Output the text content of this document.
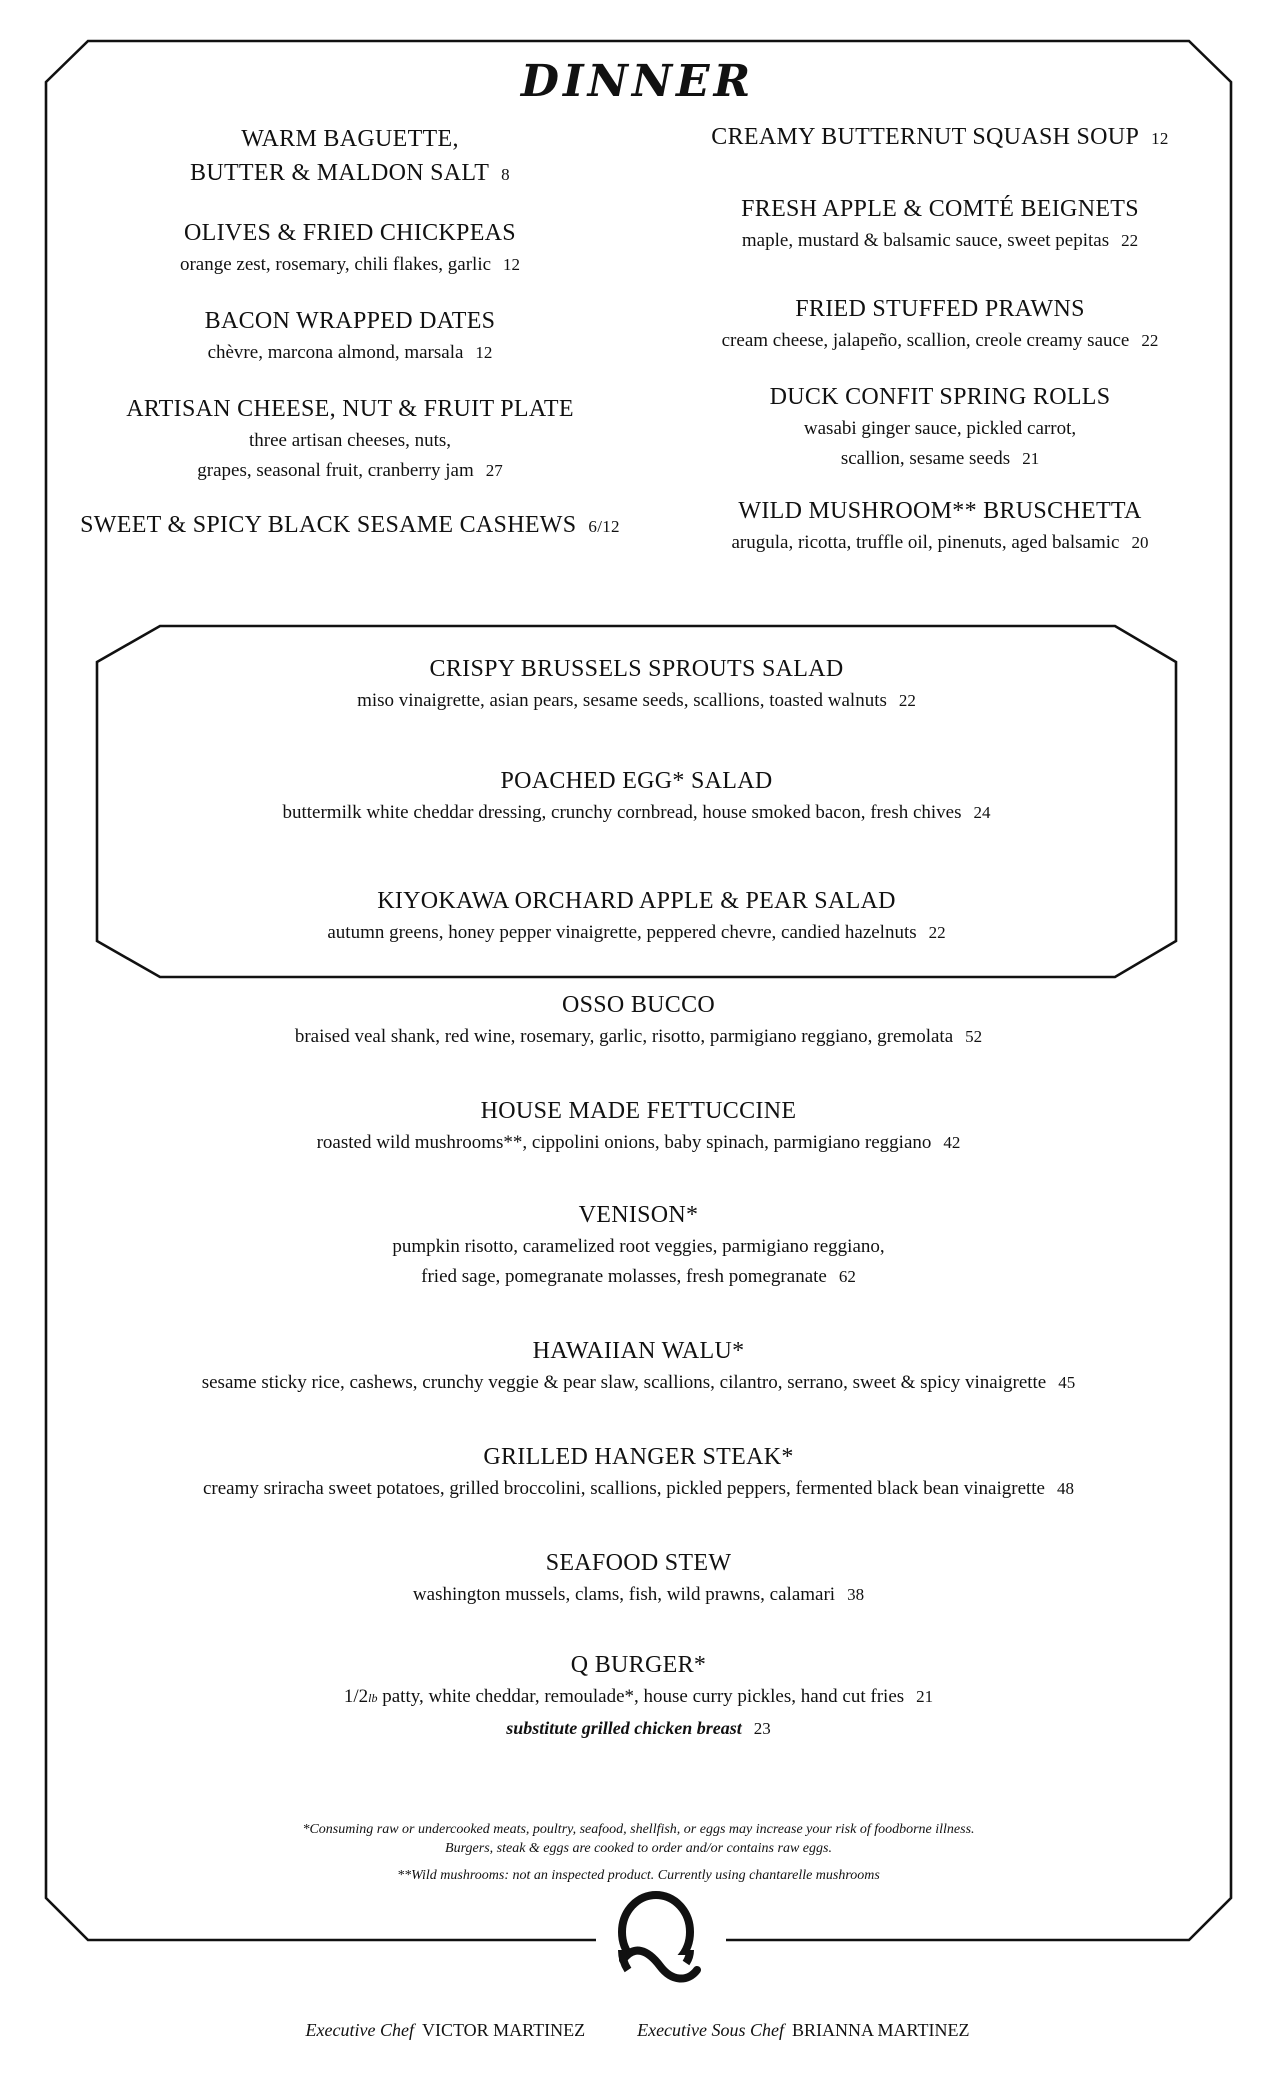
DINNER
WARM BAGUETTE,
BUTTER & MALDON SALT 8
OLIVES & FRIED CHICKPEAS
orange zest, rosemary, chili flakes, garlic 12
BACON WRAPPED DATES
chèvre, marcona almond, marsala 12
ARTISAN CHEESE, NUT & FRUIT PLATE
three artisan cheeses, nuts,
grapes, seasonal fruit, cranberry jam 27
SWEET & SPICY BLACK SESAME CASHEWS 6/12
CREAMY BUTTERNUT SQUASH SOUP 12
FRESH APPLE & COMTÉ BEIGNETS
maple, mustard & balsamic sauce, sweet pepitas 22
FRIED STUFFED PRAWNS
cream cheese, jalapeño, scallion, creole creamy sauce 22
DUCK CONFIT SPRING ROLLS
wasabi ginger sauce, pickled carrot,
scallion, sesame seeds 21
WILD MUSHROOM** BRUSCHETTA
arugula, ricotta, truffle oil, pinenuts, aged balsamic 20
CRISPY BRUSSELS SPROUTS SALAD
miso vinaigrette, asian pears, sesame seeds, scallions, toasted walnuts 22
POACHED EGG* SALAD
buttermilk white cheddar dressing, crunchy cornbread, house smoked bacon, fresh chives 24
KIYOKAWA ORCHARD APPLE & PEAR SALAD
autumn greens, honey pepper vinaigrette, peppered chevre, candied hazelnuts 22
OSSO BUCCO
braised veal shank, red wine, rosemary, garlic, risotto, parmigiano reggiano, gremolata 52
HOUSE MADE FETTUCCINE
roasted wild mushrooms**, cippolini onions, baby spinach, parmigiano reggiano 42
VENISON*
pumpkin risotto, caramelized root veggies, parmigiano reggiano,
fried sage, pomegranate molasses, fresh pomegranate 62
HAWAIIAN WALU*
sesame sticky rice, cashews, crunchy veggie & pear slaw, scallions, cilantro, serrano, sweet & spicy vinaigrette 45
GRILLED HANGER STEAK*
creamy sriracha sweet potatoes, grilled broccolini, scallions, pickled peppers, fermented black bean vinaigrette 48
SEAFOOD STEW
washington mussels, clams, fish, wild prawns, calamari 38
Q BURGER*
1/2lb patty, white cheddar, remoulade*, house curry pickles, hand cut fries 21
substitute grilled chicken breast 23
*Consuming raw or undercooked meats, poultry, seafood, shellfish, or eggs may increase your risk of foodborne illness.
Burgers, steak & eggs are cooked to order and/or contains raw eggs.
**Wild mushrooms: not an inspected product. Currently using chantarelle mushrooms
Executive Chef VICTOR MARTINEZ	Executive Sous Chef BRIANNA MARTINEZ
